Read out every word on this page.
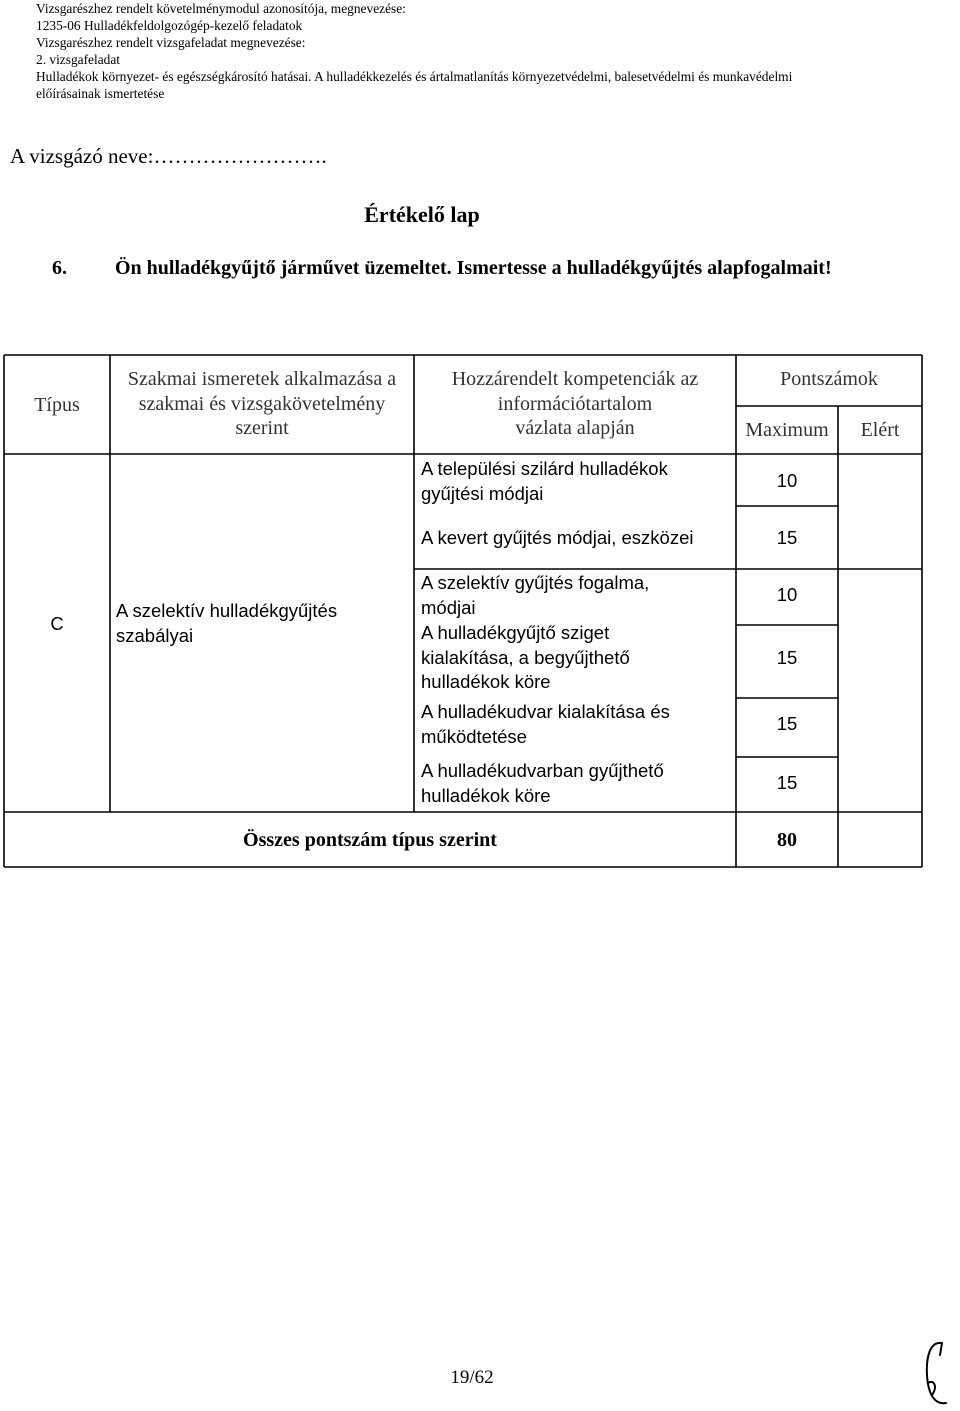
Vizsgarészhez rendelt követelménymodul azonosítója, megnevezése:
1235-06 Hulladékfeldolgozógép-kezelő feladatok
Vizsgarészhez rendelt vizsgafeladat megnevezése:
2. vizsgafeladat
Hulladékok környezet- és egészségkárosító hatásai. A hulladékkezelés és ártalmatlanítás környezetvédelmi, balesetvédelmi és munkavédelmi
előírásainak ismertetése
A vizsgázó neve:…………………….
Értékelő lap
6. Ön hulladékgyűjtő járművet üzemeltet. Ismertesse a hulladékgyűjtés alapfogalmait!
Típus
Szakmai ismeretek alkalmazása a
szakmai és vizsgakövetelmény
szerint
Hozzárendelt kompetenciák az
információtartalom
vázlata alapján
Pontszámok
Maximum	Elért
C
A szelektív hulladékgyűjtés
szabályai
A települési szilárd hulladékok
gyűjtési módjai
A kevert gyűjtés módjai, eszközei
A szelektív gyűjtés fogalma,
módjai
A hulladékgyűjtő sziget
kialakítása, a begyűjthető
hulladékok köre
A hulladékudvar kialakítása és
működtetése
A hulladékudvarban gyűjthető
hulladékok köre
10
15
10
15
15
15
Összes pontszám típus szerint	80
19/62
